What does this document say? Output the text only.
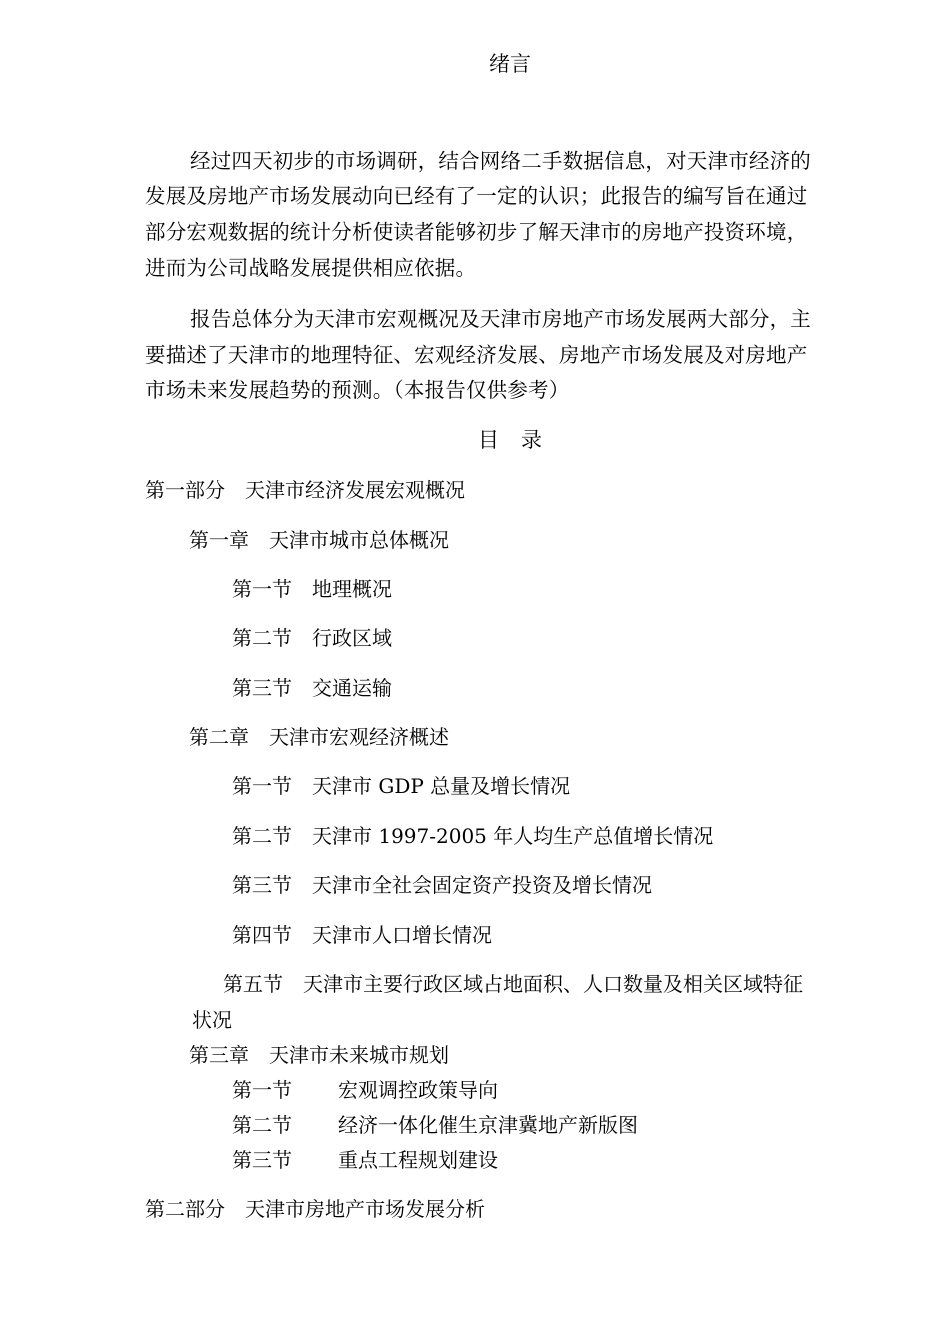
绪言
经过四天初步的市场调研，结合网络二手数据信息，对天津市经济的
发展及房地产市场发展动向已经有了一定的认识；此报告的编写旨在通过
部分宏观数据的统计分析使读者能够初步了解天津市的房地产投资环境，
进而为公司战略发展提供相应依据。
报告总体分为天津市宏观概况及天津市房地产市场发展两大部分，主
要描述了天津市的地理特征、宏观经济发展、房地产市场发展及对房地产
市场未来发展趋势的预测。（本报告仅供参考）
目 录
第一部分 天津市经济发展宏观概况
第一章 天津市城市总体概况
第一节 地理概况
第二节 行政区域
第三节 交通运输
第二章 天津市宏观经济概述
第一节 天津市 GDP 总量及增长情况
第二节 天津市 1997-2005 年人均生产总值增长情况
第三节 天津市全社会固定资产投资及增长情况
第四节 天津市人口增长情况
第五节 天津市主要行政区域占地面积、人口数量及相关区域特征
状况
第三章 天津市未来城市规划
第一节 宏观调控政策导向
第二节 经济一体化催生京津冀地产新版图
第三节 重点工程规划建设
第二部分 天津市房地产市场发展分析
